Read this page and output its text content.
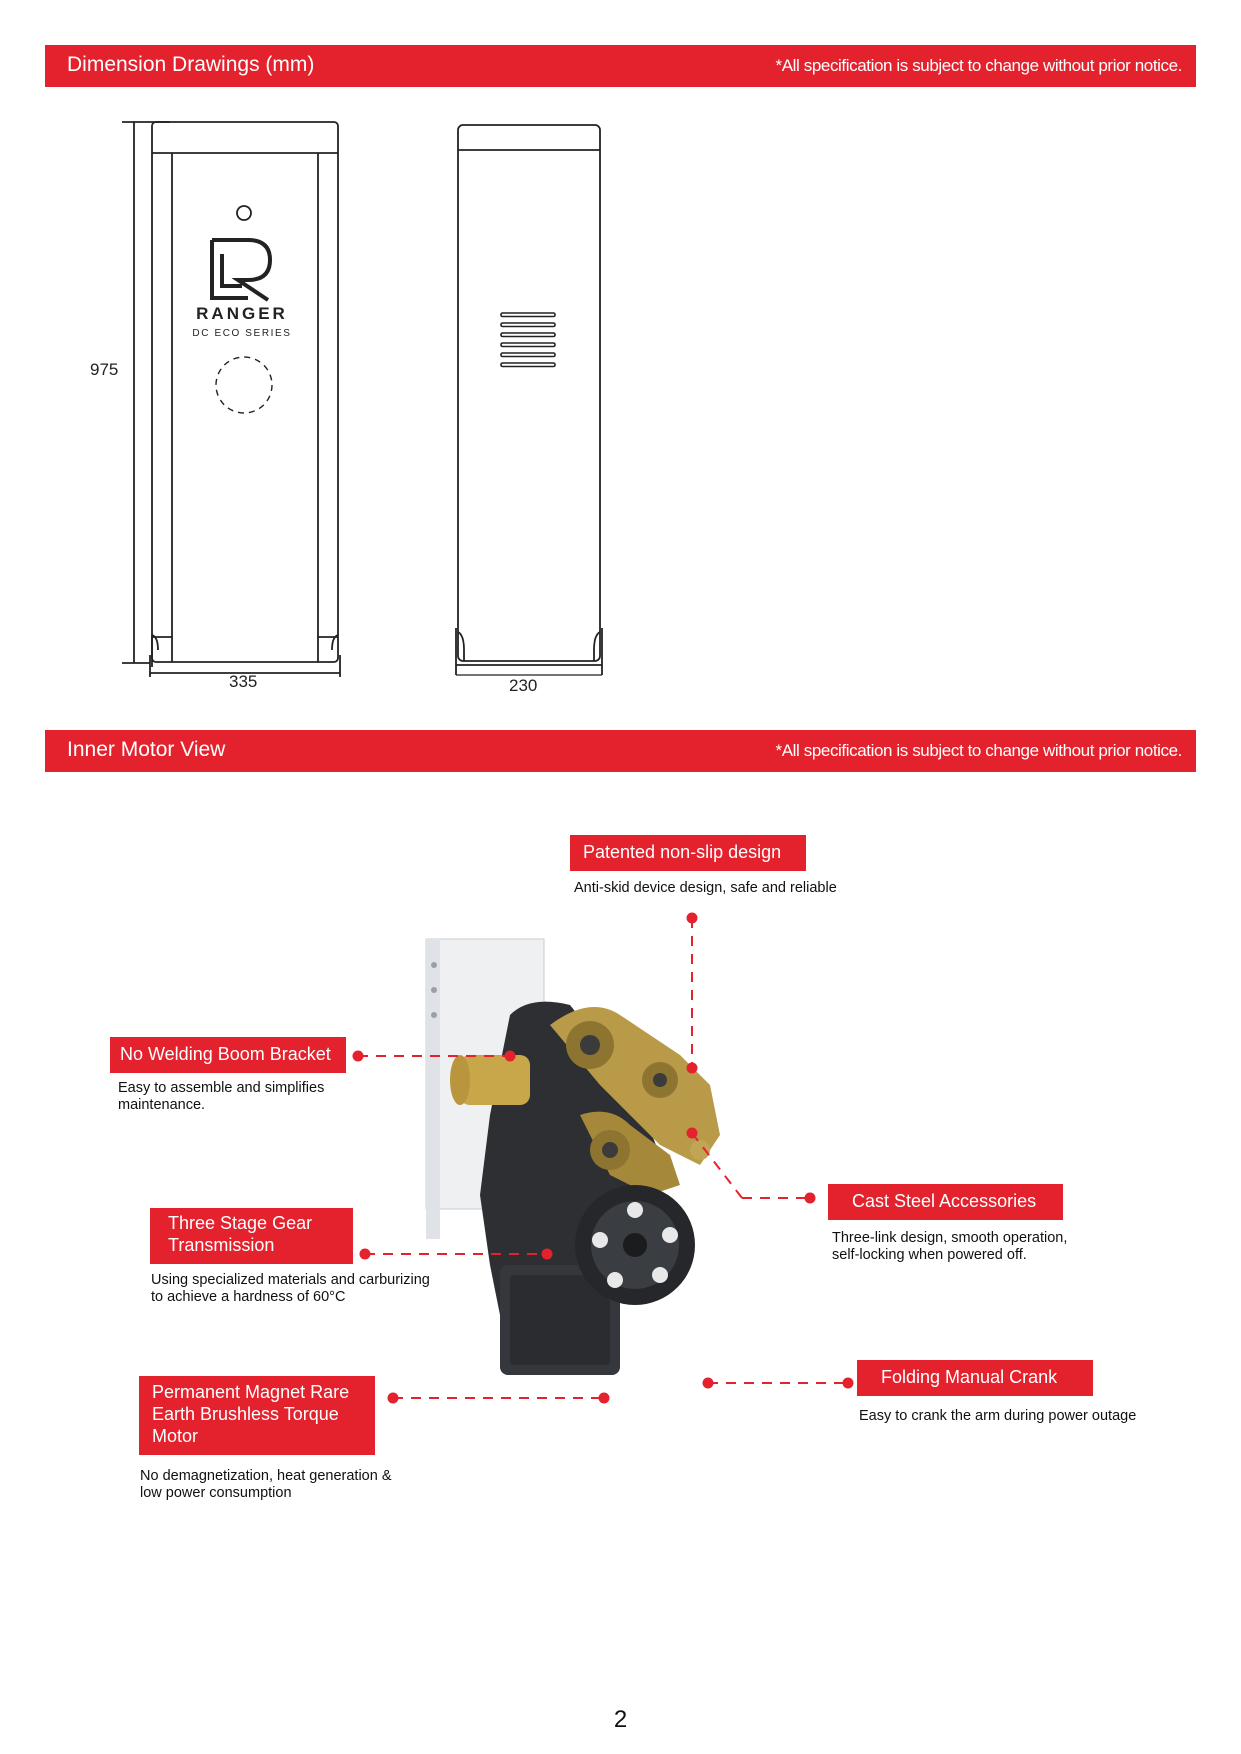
Dimension Drawings (mm)	*All specification is subject to change without prior notice.
RANGER
DC ECO SERIES
975
335	230
Inner Motor View	*All specification is subject to change without prior notice.
Patented non-slip design
Anti-skid device design, safe and reliable
No Welding Boom Bracket
Easy to assemble and simplifies maintenance.
Three Stage Gear Transmission
Using specialized materials and carburizing to achieve a hardness of 60°C
Permanent Magnet Rare Earth Brushless Torque Motor
No demagnetization, heat generation & low power consumption
Cast Steel Accessories
Three-link design, smooth operation, self-locking when powered off.
Folding Manual Crank
Easy to crank the arm during power outage
2
